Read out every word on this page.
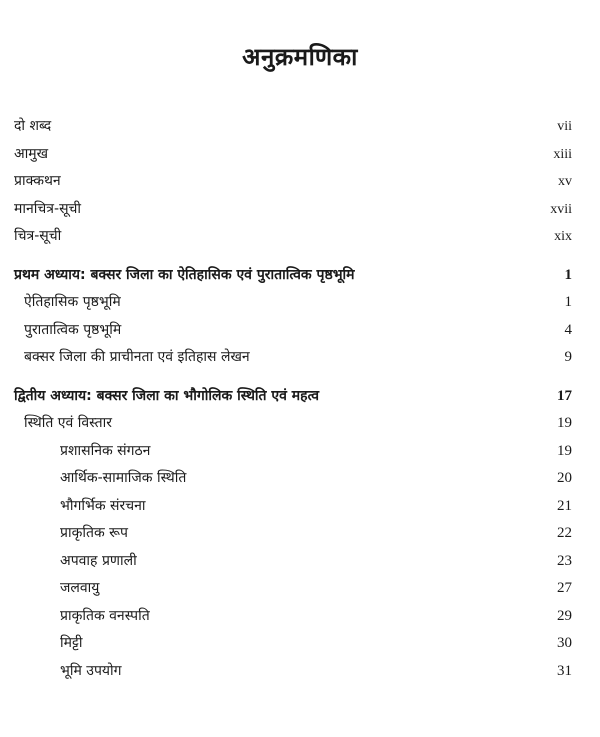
अनुक्रमणिका
दो शब्द	vii
आमुख	xiii
प्राक्कथन	xv
मानचित्र-सूची	xvii
चित्र-सूची	xix
प्रथम अध्याय: बक्सर जिला का ऐतिहासिक एवं पुरातात्विक पृष्ठभूमि	1
ऐतिहासिक पृष्ठभूमि	1
पुरातात्विक पृष्ठभूमि	4
बक्सर जिला की प्राचीनता एवं इतिहास लेखन	9
द्वितीय अध्याय: बक्सर जिला का भौगोलिक स्थिति एवं महत्व	17
स्थिति एवं विस्तार	19
प्रशासनिक संगठन	19
आर्थिक-सामाजिक स्थिति	20
भौगर्भिक संरचना	21
प्राकृतिक रूप	22
अपवाह प्रणाली	23
जलवायु	27
प्राकृतिक वनस्पति	29
मिट्टी	30
भूमि उपयोग	31
